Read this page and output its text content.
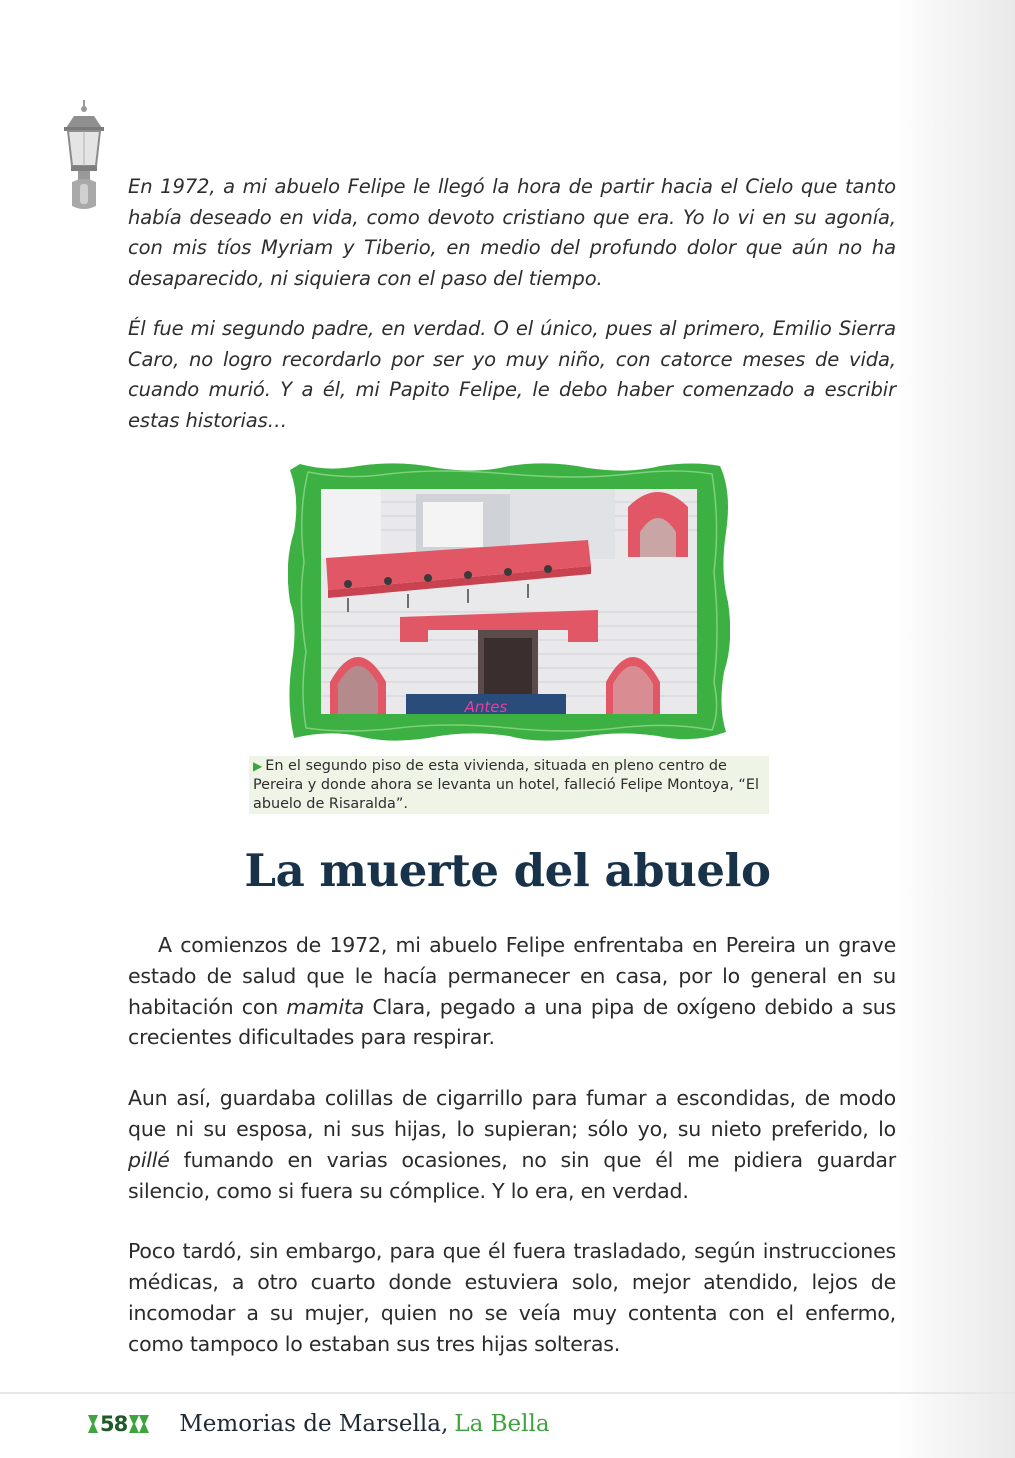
En 1972, a mi abuelo Felipe le llegó la hora de partir hacia el Cielo que tanto había deseado en vida, como devoto cristiano que era. Yo lo vi en su agonía, con mis tíos Myriam y Tiberio, en medio del profundo dolor que aún no ha desaparecido, ni siquiera con el paso del tiempo.

Él fue mi segundo padre, en verdad. O el único, pues al primero, Emilio Sierra Caro, no logro recordarlo por ser yo muy niño, con catorce meses de vida, cuando murió. Y a él, mi Papito Felipe, le debo haber comenzado a escribir estas historias…

Antes
▶ En el segundo piso de esta vivienda, situada en pleno centro de Pereira y donde ahora se levanta un hotel, falleció Felipe Montoya, “El abuelo de Risaralda”.
La muerte del abuelo

A comienzos de 1972, mi abuelo Felipe enfrentaba en Pereira un grave estado de salud que le hacía permanecer en casa, por lo general en su habitación con mamita Clara, pegado a una pipa de oxígeno debido a sus crecientes dificultades para respirar.

Aun así, guardaba colillas de cigarrillo para fumar a escondidas, de modo que ni su esposa, ni sus hijas, lo supieran; sólo yo, su nieto preferido, lo pillé fumando en varias ocasiones, no sin que él me pidiera guardar silencio, como si fuera su cómplice. Y lo era, en verdad.

Poco tardó, sin embargo, para que él fuera trasladado, según instrucciones médicas, a otro cuarto donde estuviera solo, mejor atendido, lejos de incomodar a su mujer, quien no se veía muy contenta con el enfermo, como tampoco lo estaban sus tres hijas solteras.

58 Memorias de Marsella, La Bella
